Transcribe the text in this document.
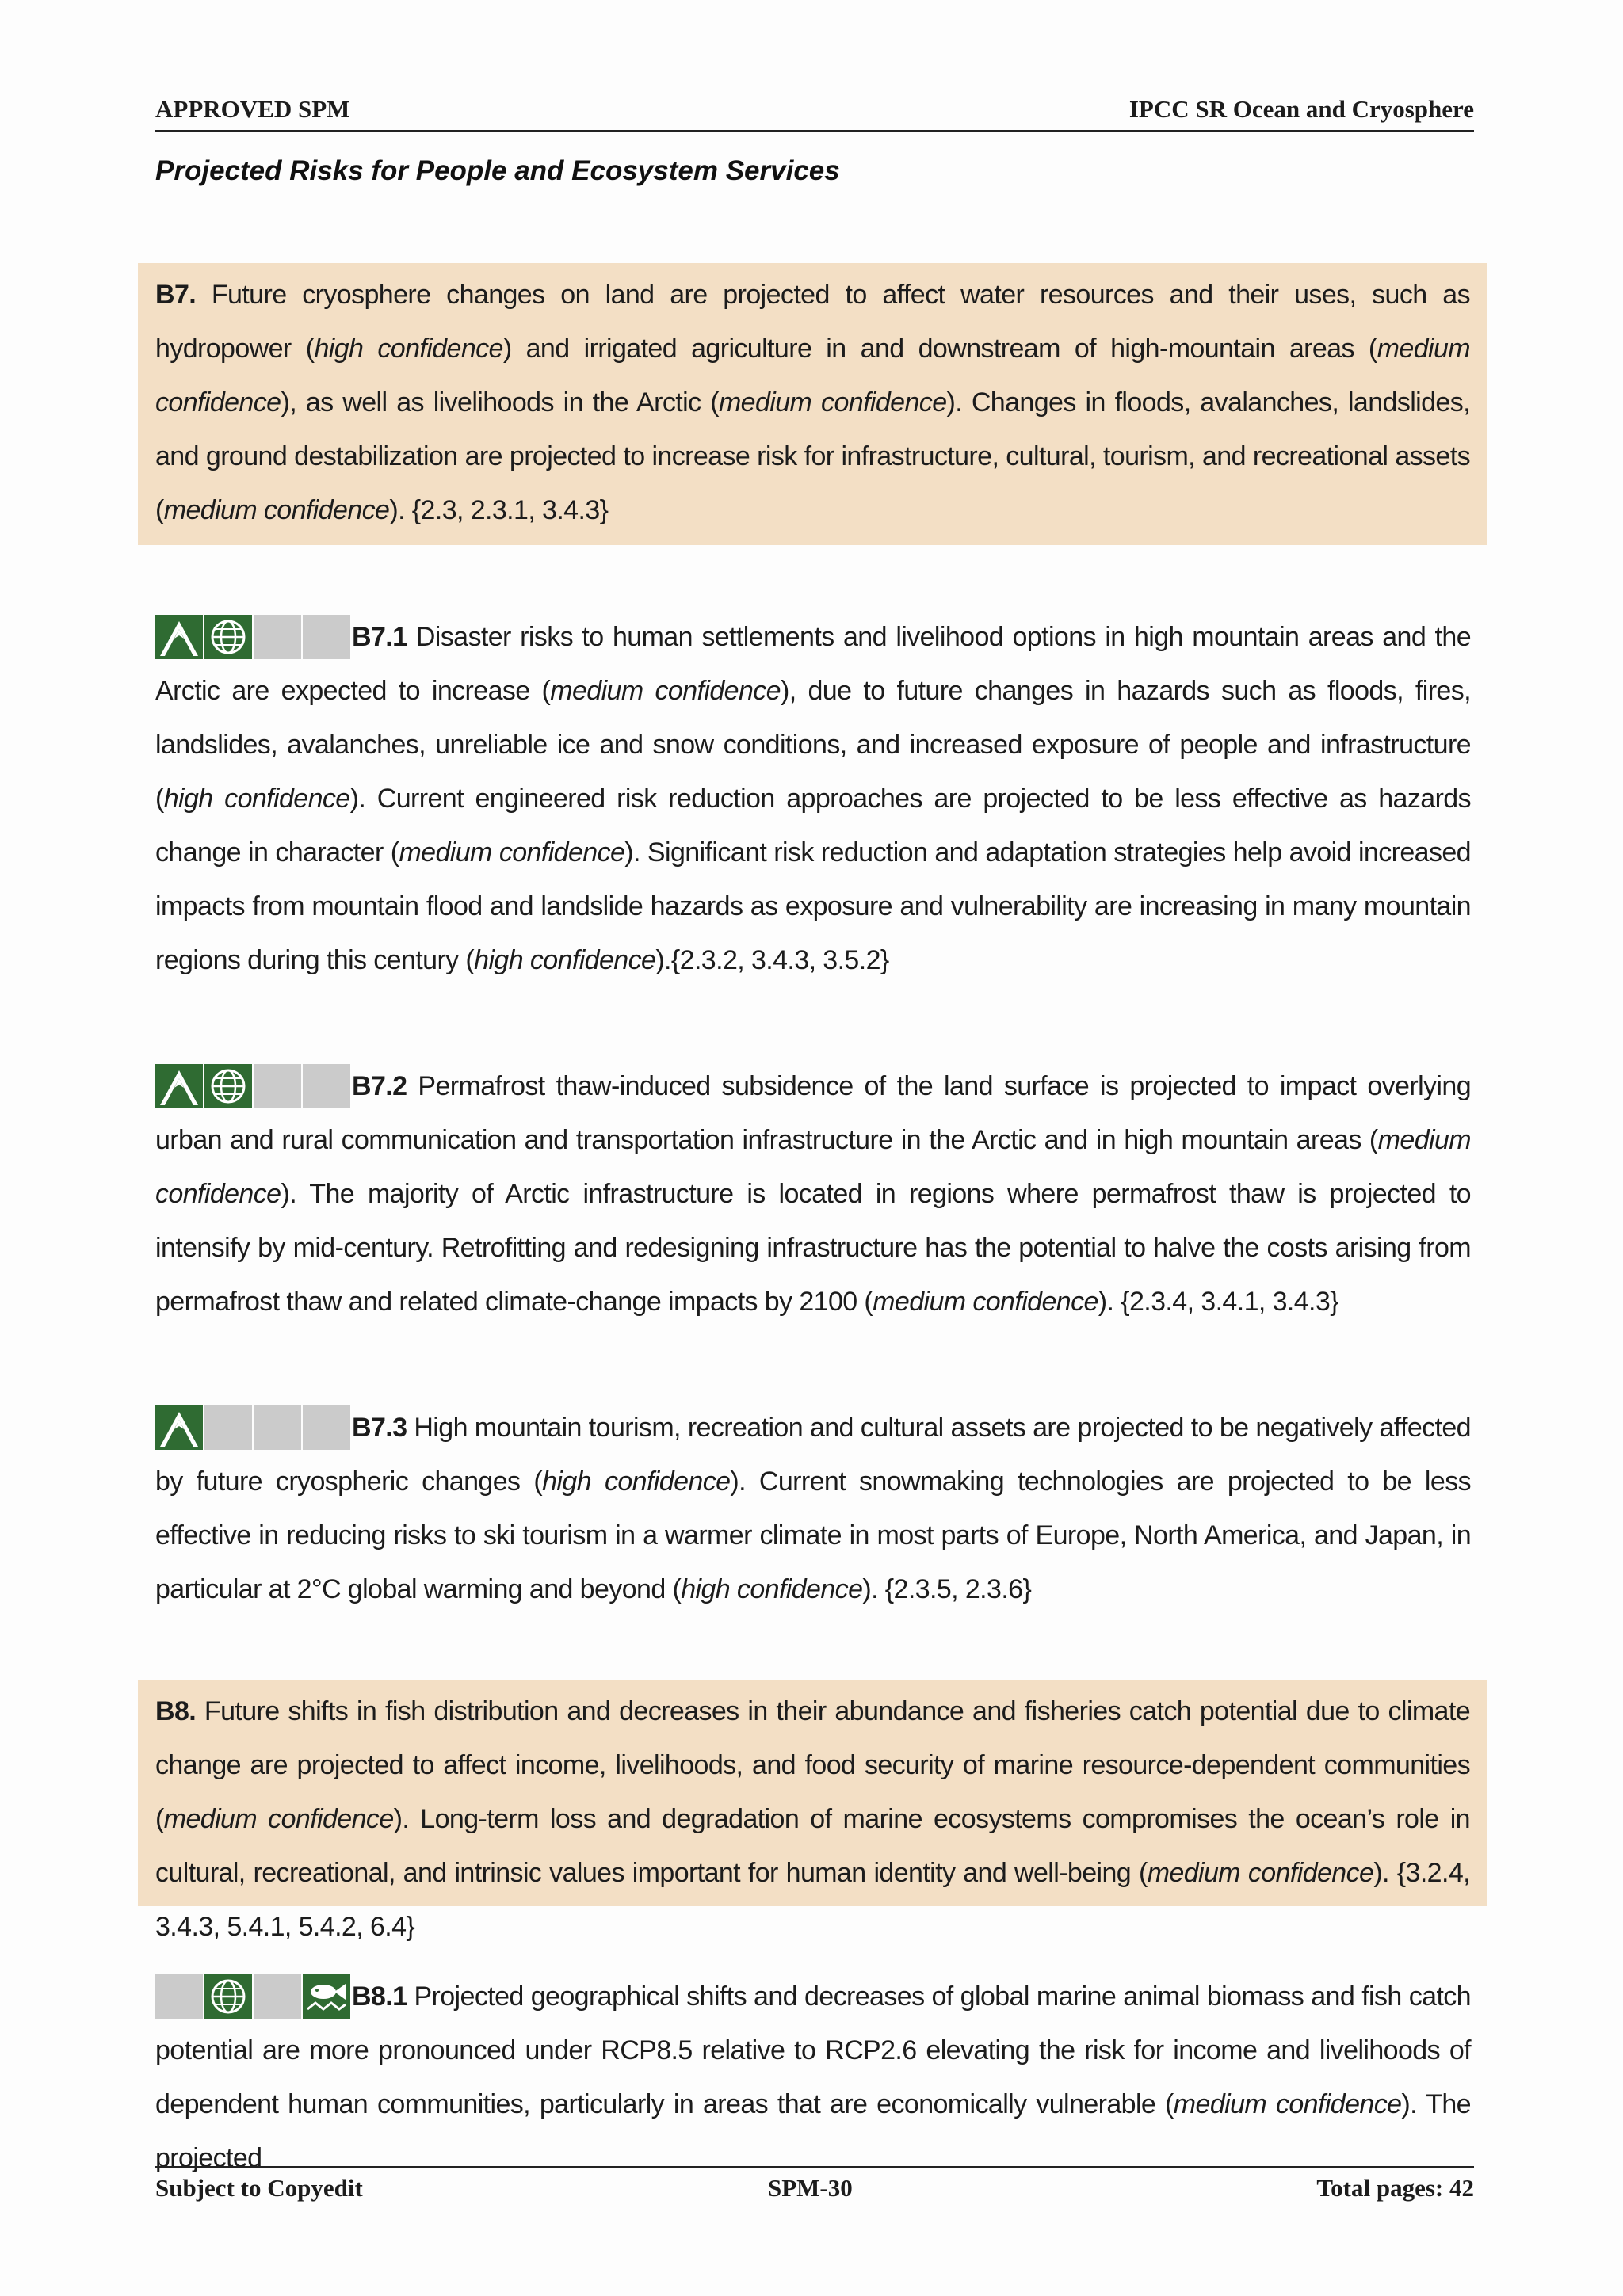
APPROVED SPM	IPCC SR Ocean and Cryosphere
Projected Risks for People and Ecosystem Services

B7. Future cryosphere changes on land are projected to affect water resources and their uses, such as hydropower (high confidence) and irrigated agriculture in and downstream of high-mountain areas (medium confidence), as well as livelihoods in the Arctic (medium confidence). Changes in floods, avalanches, landslides, and ground destabilization are projected to increase risk for infrastructure, cultural, tourism, and recreational assets (medium confidence). {2.3, 2.3.1, 3.4.3}

B7.1 Disaster risks to human settlements and livelihood options in high mountain areas and the Arctic are expected to increase (medium confidence), due to future changes in hazards such as floods, fires, landslides, avalanches, unreliable ice and snow conditions, and increased exposure of people and infrastructure (high confidence). Current engineered risk reduction approaches are projected to be less effective as hazards change in character (medium confidence). Significant risk reduction and adaptation strategies help avoid increased impacts from mountain flood and landslide hazards as exposure and vulnerability are increasing in many mountain regions during this century (high confidence).{2.3.2, 3.4.3, 3.5.2}

B7.2 Permafrost thaw-induced subsidence of the land surface is projected to impact overlying urban and rural communication and transportation infrastructure in the Arctic and in high mountain areas (medium confidence). The majority of Arctic infrastructure is located in regions where permafrost thaw is projected to intensify by mid-century. Retrofitting and redesigning infrastructure has the potential to halve the costs arising from permafrost thaw and related climate-change impacts by 2100 (medium confidence). {2.3.4, 3.4.1, 3.4.3}

B7.3 High mountain tourism, recreation and cultural assets are projected to be negatively affected by future cryospheric changes (high confidence). Current snowmaking technologies are projected to be less effective in reducing risks to ski tourism in a warmer climate in most parts of Europe, North America, and Japan, in particular at 2°C global warming and beyond (high confidence). {2.3.5, 2.3.6}

B8. Future shifts in fish distribution and decreases in their abundance and fisheries catch potential due to climate change are projected to affect income, livelihoods, and food security of marine resource-dependent communities (medium confidence). Long-term loss and degradation of marine ecosystems compromises the ocean’s role in cultural, recreational, and intrinsic values important for human identity and well-being (medium confidence). {3.2.4, 3.4.3, 5.4.1, 5.4.2, 6.4}

B8.1 Projected geographical shifts and decreases of global marine animal biomass and fish catch potential are more pronounced under RCP8.5 relative to RCP2.6 elevating the risk for income and livelihoods of dependent human communities, particularly in areas that are economically vulnerable (medium confidence). The projected

Subject to Copyedit	SPM-30	Total pages: 42
